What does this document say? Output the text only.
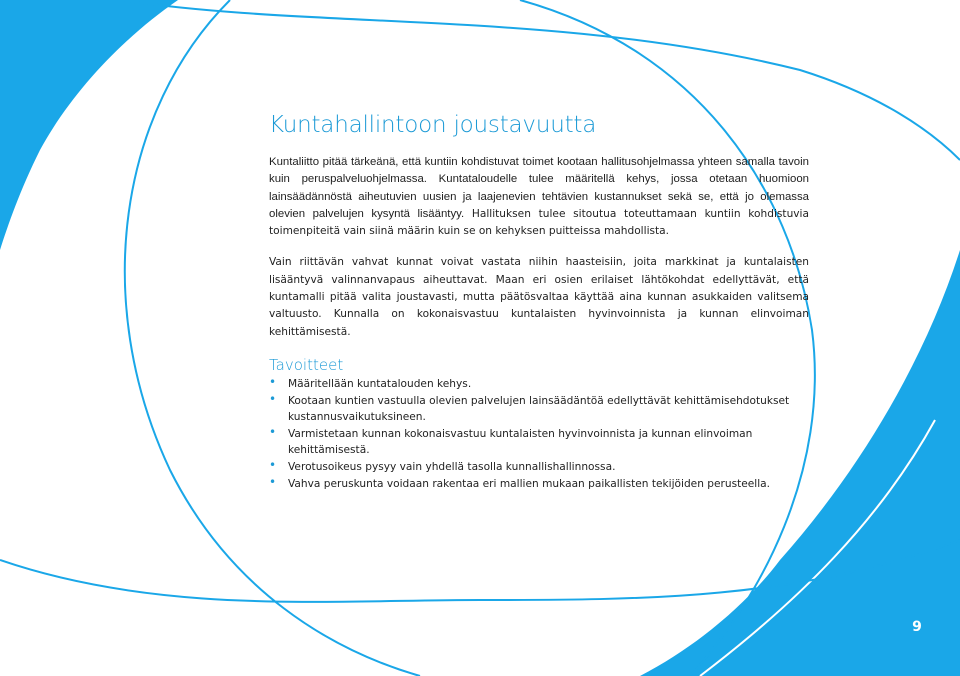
Kuntahallintoon joustavuutta

Kuntaliitto pitää tärkeänä, että kuntiin kohdistuvat toimet kootaan hallitusohjelmassa yhteen samalla tavoin kuin peruspalveluohjelmassa. Kuntataloudelle tulee määritellä kehys, jossa otetaan huomioon lainsäädännöstä aiheutuvien uusien ja laajenevien tehtävien kustannukset sekä se, että jo olemassa olevien palvelujen kysyntä lisääntyy. Hallituksen tulee sitoutua toteuttamaan kuntiin kohdistuvia toimenpiteitä vain siinä määrin kuin se on kehyksen puitteissa mahdollista.

Vain riittävän vahvat kunnat voivat vastata niihin haasteisiin, joita markkinat ja kuntalaisten lisääntyvä valinnanvapaus aiheuttavat. Maan eri osien erilaiset lähtökohdat edellyttävät, että kuntamalli pitää valita joustavasti, mutta päätösvaltaa käyttää aina kunnan asukkaiden valitsema valtuusto. Kunnalla on kokonaisvastuu kuntalaisten hyvinvoinnista ja kunnan elinvoiman kehittämisestä.

Tavoitteet
• Määritellään kuntatalouden kehys.
• Kootaan kuntien vastuulla olevien palvelujen lainsäädäntöä edellyttävät kehittämisehdotukset kustannusvaikutuksineen.
• Varmistetaan kunnan kokonaisvastuu kuntalaisten hyvinvoinnista ja kunnan elinvoiman kehittämisestä.
• Verotusoikeus pysyy vain yhdellä tasolla kunnallishallinnossa.
• Vahva peruskunta voidaan rakentaa eri mallien mukaan paikallisten tekijöiden perusteella.
9
